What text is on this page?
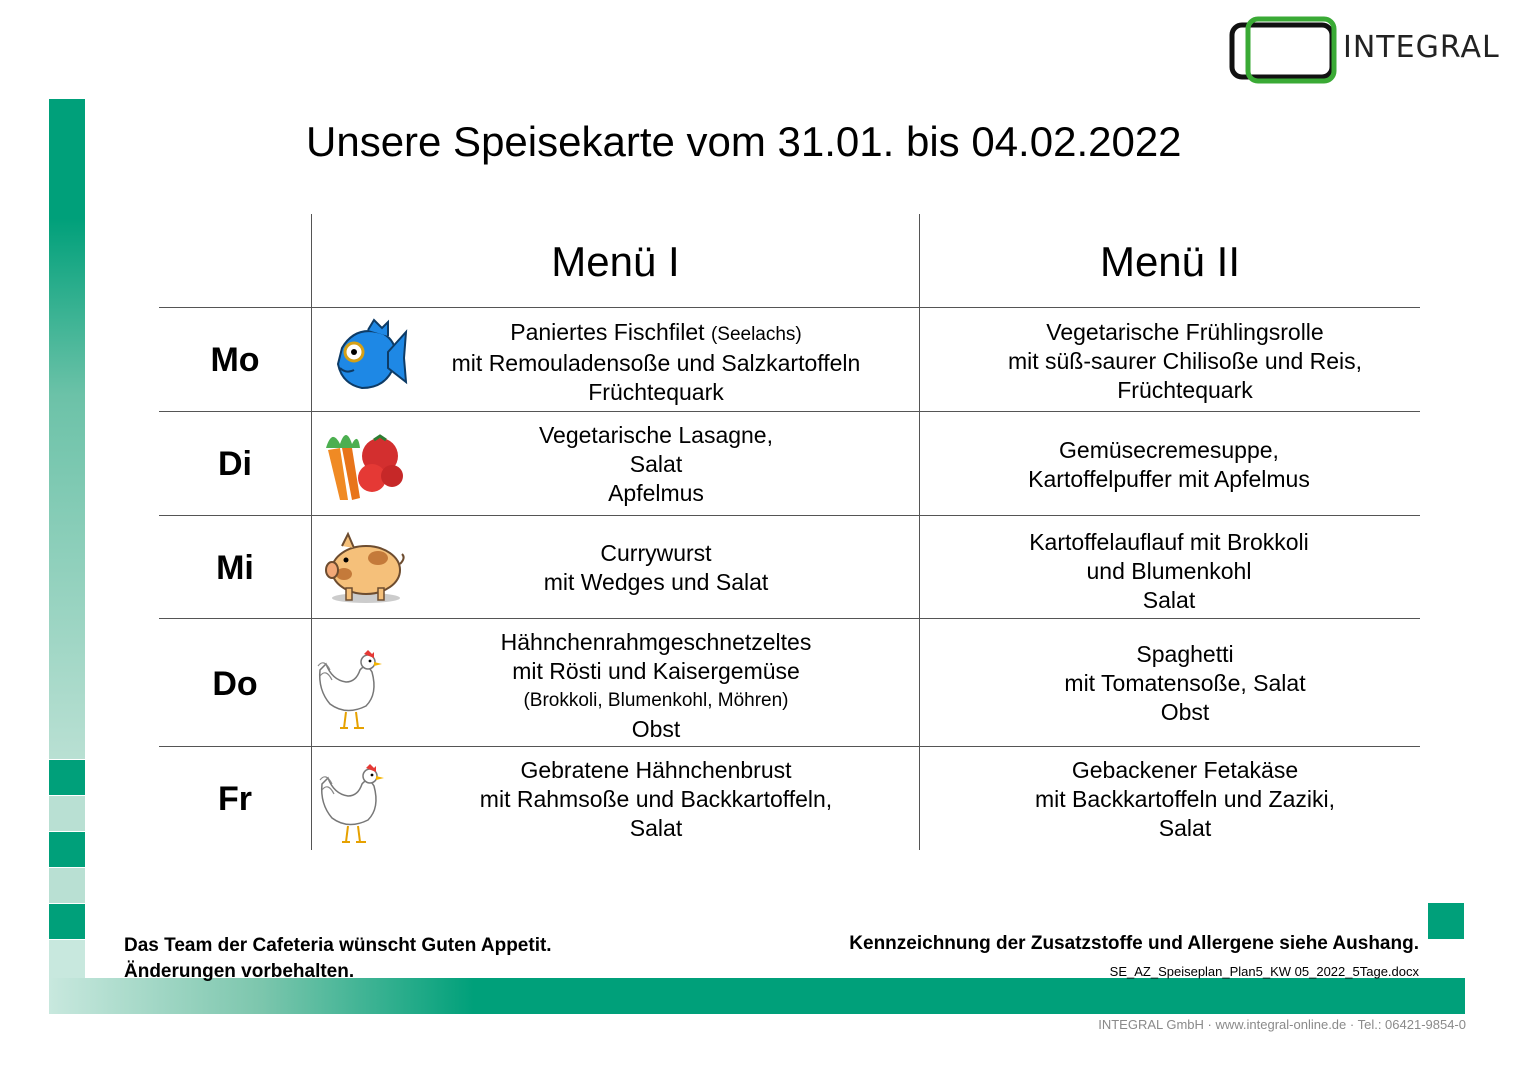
INTEGRAL
Unsere Speisekarte vom 31.01. bis 04.02.2022
Menü I	Menü II
Mo
Paniertes Fischfilet (Seelachs)
mit Remouladensoße und Salzkartoffeln
Früchtequark
Vegetarische Frühlingsrolle
mit süß-saurer Chilisoße und Reis,
Früchtequark
Di
Vegetarische Lasagne,
Salat
Apfelmus
Gemüsecremesuppe,
Kartoffelpuffer mit Apfelmus
Mi	Currywurst
mit Wedges und Salat
Kartoffelauflauf mit Brokkoli
und Blumenkohl
Salat
Do
Hähnchenrahmgeschnetzeltes
mit Rösti und Kaisergemüse
(Brokkoli, Blumenkohl, Möhren)
Obst
Spaghetti
mit Tomatensoße, Salat
Obst
Fr
Gebratene Hähnchenbrust
mit Rahmsoße und Backkartoffeln,
Salat
Gebackener Fetakäse
mit Backkartoffeln und Zaziki,
Salat
Das Team der Cafeteria wünscht Guten Appetit.
Änderungen vorbehalten.
Kennzeichnung der Zusatzstoffe und Allergene siehe Aushang.
SE_AZ_Speiseplan_Plan5_KW 05_2022_5Tage.docx
INTEGRAL GmbH · www.integral-online.de · Tel.: 06421-9854-0
